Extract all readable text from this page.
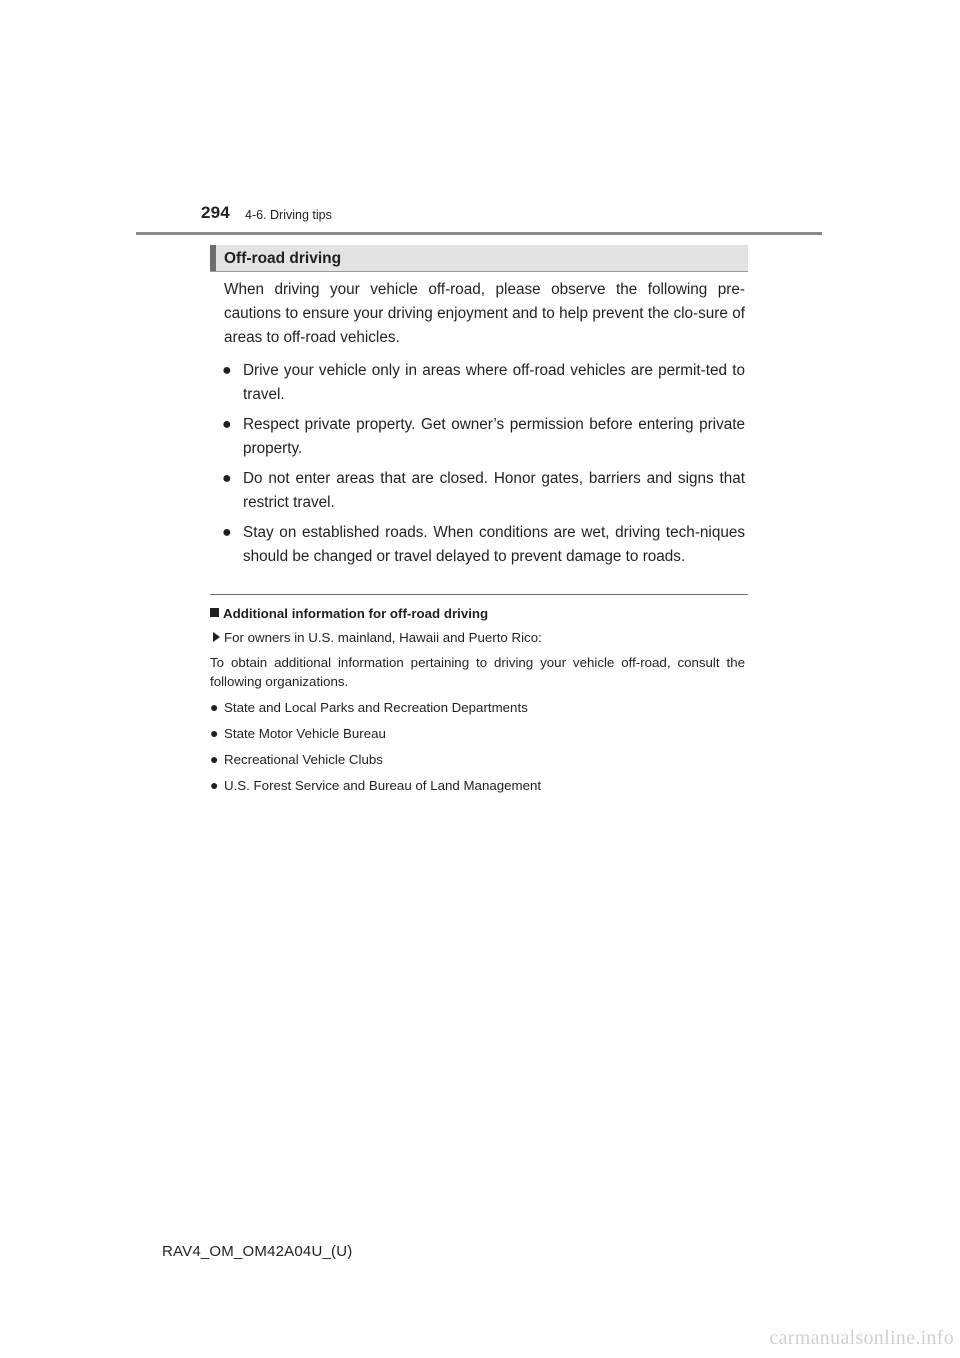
294 4-6. Driving tips
Off-road driving

When driving your vehicle off-road, please observe the following pre-cautions to ensure your driving enjoyment and to help prevent the clo-sure of areas to off-road vehicles.

● Drive your vehicle only in areas where off-road vehicles are permit-ted to travel.
● Respect private property. Get owner’s permission before entering private property.
● Do not enter areas that are closed. Honor gates, barriers and signs that restrict travel.
● Stay on established roads. When conditions are wet, driving tech-niques should be changed or travel delayed to prevent damage to roads.

Additional information for off-road driving

For owners in U.S. mainland, Hawaii and Puerto Rico:

To obtain additional information pertaining to driving your vehicle off-road, consult the following organizations.

● State and Local Parks and Recreation Departments
● State Motor Vehicle Bureau
● Recreational Vehicle Clubs
● U.S. Forest Service and Bureau of Land Management
RAV4_OM_OM42A04U_(U)
carmanualsonline.info
